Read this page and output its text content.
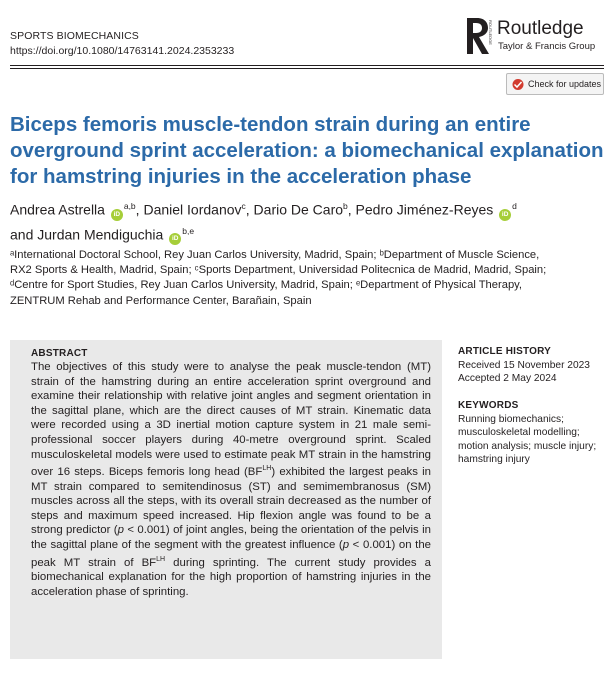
SPORTS BIOMECHANICS
https://doi.org/10.1080/14763141.2024.2353233
ROUTLEDGE Routledge
Taylor & Francis Group
Check for updates
Biceps femoris muscle-tendon strain during an entire
overground sprint acceleration: a biomechanical explanation
for hamstring injuries in the acceleration phase
Andrea Astrella iD$^{a,b}$, Daniel Iordanov$^c$, Dario De Caro$^b$, Pedro Jiménez-Reyes $iD^d$
and Jurdan Mendiguchia iD$^{b,e}$
ᵃInternational Doctoral School, Rey Juan Carlos University, Madrid, Spain; ᵇDepartment of Muscle Science,
RX2 Sports & Health, Madrid, Spain; ᶜSports Department, Universidad Politecnica de Madrid, Madrid, Spain;
ᵈCentre for Sport Studies, Rey Juan Carlos University, Madrid, Spain; ᵉDepartment of Physical Therapy,
ZENTRUM Rehab and Performance Center, Barañain, Spain
ABSTRACT
The objectives of this study were to analyse the peak muscle-tendon (MT) strain of the hamstring during an entire acceleration sprint overground and examine their relationship with relative joint angles and segment orientation in the sagittal plane, which are the direct causes of MT strain. Kinematic data were recorded using a 3D inertial motion capture system in 21 male semi-professional soccer players during 40-metre overground sprint. Scaled musculoskeletal models were used to estimate peak MT strain in the hamstring over 16 steps. Biceps femoris long head $(BF^{LH})$ exhibited the largest peaks in MT strain compared to semitendinosus (ST) and semimembranosus (SM) muscles across all the steps, with its overall strain decreased as the number of steps and maximum speed increased. Hip flexion angle was found to be a strong predictor (p < 0.001) of joint angles, being the orientation of the pelvis in the sagittal plane of the segment with the greatest influence (p < 0.001) on the peak MT strain of $BF^{LH}$ during sprinting. The current study provides a biomechanical explanation for the high proportion of hamstring injuries in the acceleration phase of sprinting.
ARTICLE HISTORY
Received 15 November 2023
Accepted 2 May 2024
KEYWORDS
Running biomechanics; musculoskeletal modelling; motion analysis; muscle injury; hamstring injury
